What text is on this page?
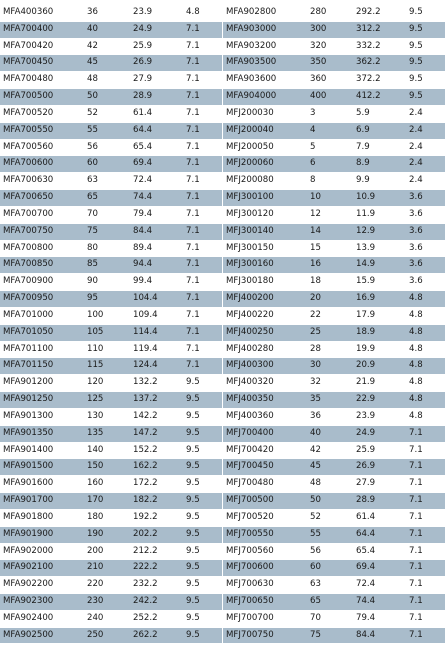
MFA400360	36	23.9	4.8
MFA700400	40	24.9	7.1
MFA700420	42	25.9	7.1
MFA700450	45	26.9	7.1
MFA700480	48	27.9	7.1
MFA700500	50	28.9	7.1
MFA700520	52	61.4	7.1
MFA700550	55	64.4	7.1
MFA700560	56	65.4	7.1
MFA700600	60	69.4	7.1
MFA700630	63	72.4	7.1
MFA700650	65	74.4	7.1
MFA700700	70	79.4	7.1
MFA700750	75	84.4	7.1
MFA700800	80	89.4	7.1
MFA700850	85	94.4	7.1
MFA700900	90	99.4	7.1
MFA700950	95	104.4	7.1
MFA701000	100	109.4	7.1
MFA701050	105	114.4	7.1
MFA701100	110	119.4	7.1
MFA701150	115	124.4	7.1
MFA901200	120	132.2	9.5
MFA901250	125	137.2	9.5
MFA901300	130	142.2	9.5
MFA901350	135	147.2	9.5
MFA901400	140	152.2	9.5
MFA901500	150	162.2	9.5
MFA901600	160	172.2	9.5
MFA901700	170	182.2	9.5
MFA901800	180	192.2	9.5
MFA901900	190	202.2	9.5
MFA902000	200	212.2	9.5
MFA902100	210	222.2	9.5
MFA902200	220	232.2	9.5
MFA902300	230	242.2	9.5
MFA902400	240	252.2	9.5
MFA902500	250	262.2	9.5
MFA902800	280	292.2	9.5
MFA903000	300	312.2	9.5
MFA903200	320	332.2	9.5
MFA903500	350	362.2	9.5
MFA903600	360	372.2	9.5
MFA904000	400	412.2	9.5
MFJ200030	3	5.9	2.4
MFJ200040	4	6.9	2.4
MFJ200050	5	7.9	2.4
MFJ200060	6	8.9	2.4
MFJ200080	8	9.9	2.4
MFJ300100	10	10.9	3.6
MFJ300120	12	11.9	3.6
MFJ300140	14	12.9	3.6
MFJ300150	15	13.9	3.6
MFJ300160	16	14.9	3.6
MFJ300180	18	15.9	3.6
MFJ400200	20	16.9	4.8
MFJ400220	22	17.9	4.8
MFJ400250	25	18.9	4.8
MFJ400280	28	19.9	4.8
MFJ400300	30	20.9	4.8
MFJ400320	32	21.9	4.8
MFJ400350	35	22.9	4.8
MFJ400360	36	23.9	4.8
MFJ700400	40	24.9	7.1
MFJ700420	42	25.9	7.1
MFJ700450	45	26.9	7.1
MFJ700480	48	27.9	7.1
MFJ700500	50	28.9	7.1
MFJ700520	52	61.4	7.1
MFJ700550	55	64.4	7.1
MFJ700560	56	65.4	7.1
MFJ700600	60	69.4	7.1
MFJ700630	63	72.4	7.1
MFJ700650	65	74.4	7.1
MFJ700700	70	79.4	7.1
MFJ700750	75	84.4	7.1
